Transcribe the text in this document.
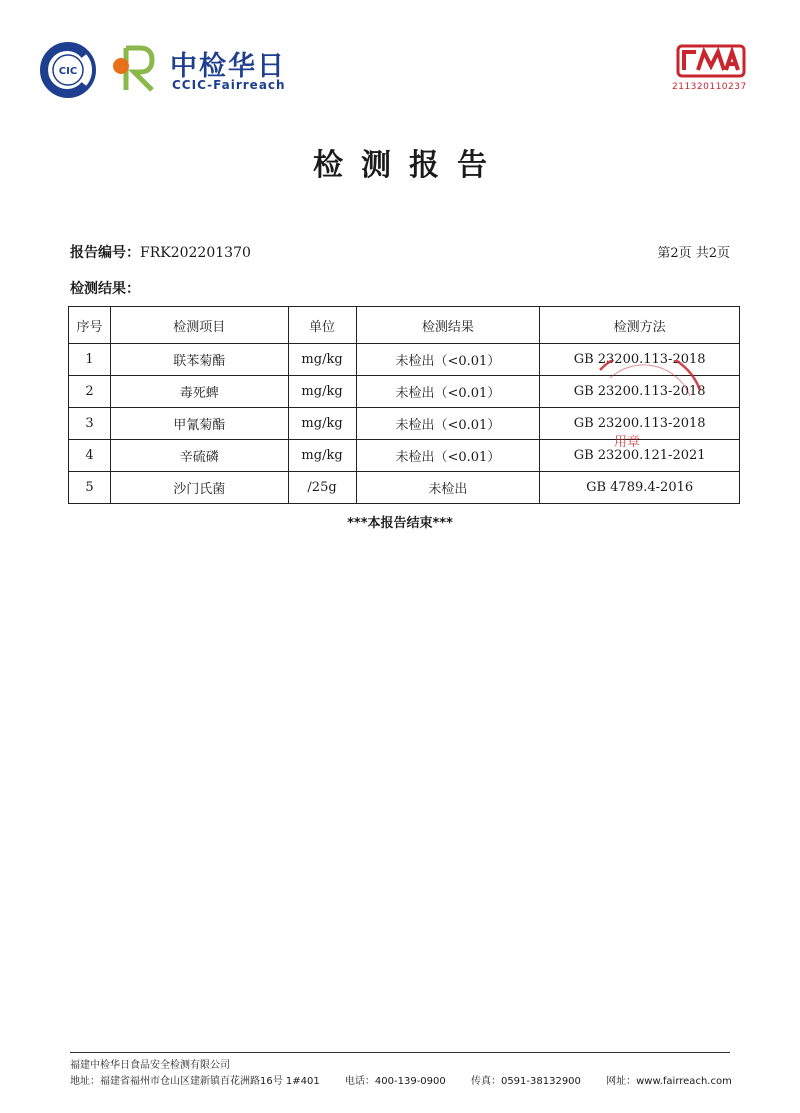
CIC	中检华日
CCIC-Fairreach	211320110237
检测报告
报告编号：FRK202201370	第2页 共2页
检测结果：
序号	检测项目	单位	检测结果	检测方法
1	联苯菊酯	mg/kg	未检出（<0.01）	GB 23200.113-2018
2	毒死蜱	mg/kg	未检出（<0.01）	GB 23200.113-2018
3	甲氰菊酯	mg/kg	未检出（<0.01）	GB 23200.113-2018
4	辛硫磷	mg/kg	未检出（<0.01）	GB 23200.121-2021
5	沙门氏菌	/25g	未检出	GB 4789.4-2016
用章
***本报告结束***
福建中检华日食品安全检测有限公司
地址：福建省福州市仓山区建新镇百花洲路16号 1#401	电话：400-139-0900	传真：0591-38132900	网址：www.fairreach.com
